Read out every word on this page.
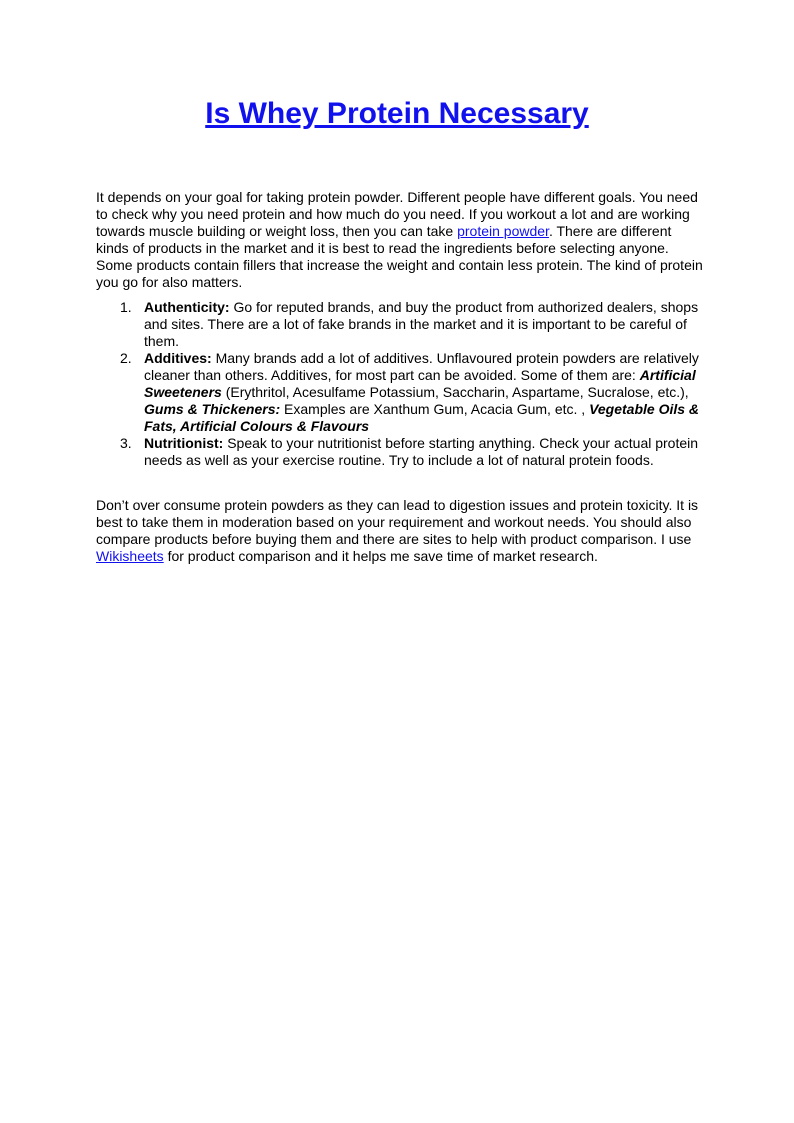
Is Whey Protein Necessary

It depends on your goal for taking protein powder. Different people have different goals. You need to check why you need protein and how much do you need. If you workout a lot and are working towards muscle building or weight loss, then you can take protein powder. There are different kinds of products in the market and it is best to read the ingredients before selecting anyone. Some products contain fillers that increase the weight and contain less protein. The kind of protein you go for also matters.

1. Authenticity: Go for reputed brands, and buy the product from authorized dealers, shops and sites. There are a lot of fake brands in the market and it is important to be careful of them.
2. Additives: Many brands add a lot of additives. Unflavoured protein powders are relatively cleaner than others. Additives, for most part can be avoided. Some of them are: Artificial Sweeteners (Erythritol, Acesulfame Potassium, Saccharin, Aspartame, Sucralose, etc.), Gums & Thickeners: Examples are Xanthum Gum, Acacia Gum, etc. , Vegetable Oils & Fats, Artificial Colours & Flavours
3. Nutritionist: Speak to your nutritionist before starting anything. Check your actual protein needs as well as your exercise routine. Try to include a lot of natural protein foods.

Don’t over consume protein powders as they can lead to digestion issues and protein toxicity. It is best to take them in moderation based on your requirement and workout needs. You should also compare products before buying them and there are sites to help with product comparison. I use Wikisheets for product comparison and it helps me save time of market research.
